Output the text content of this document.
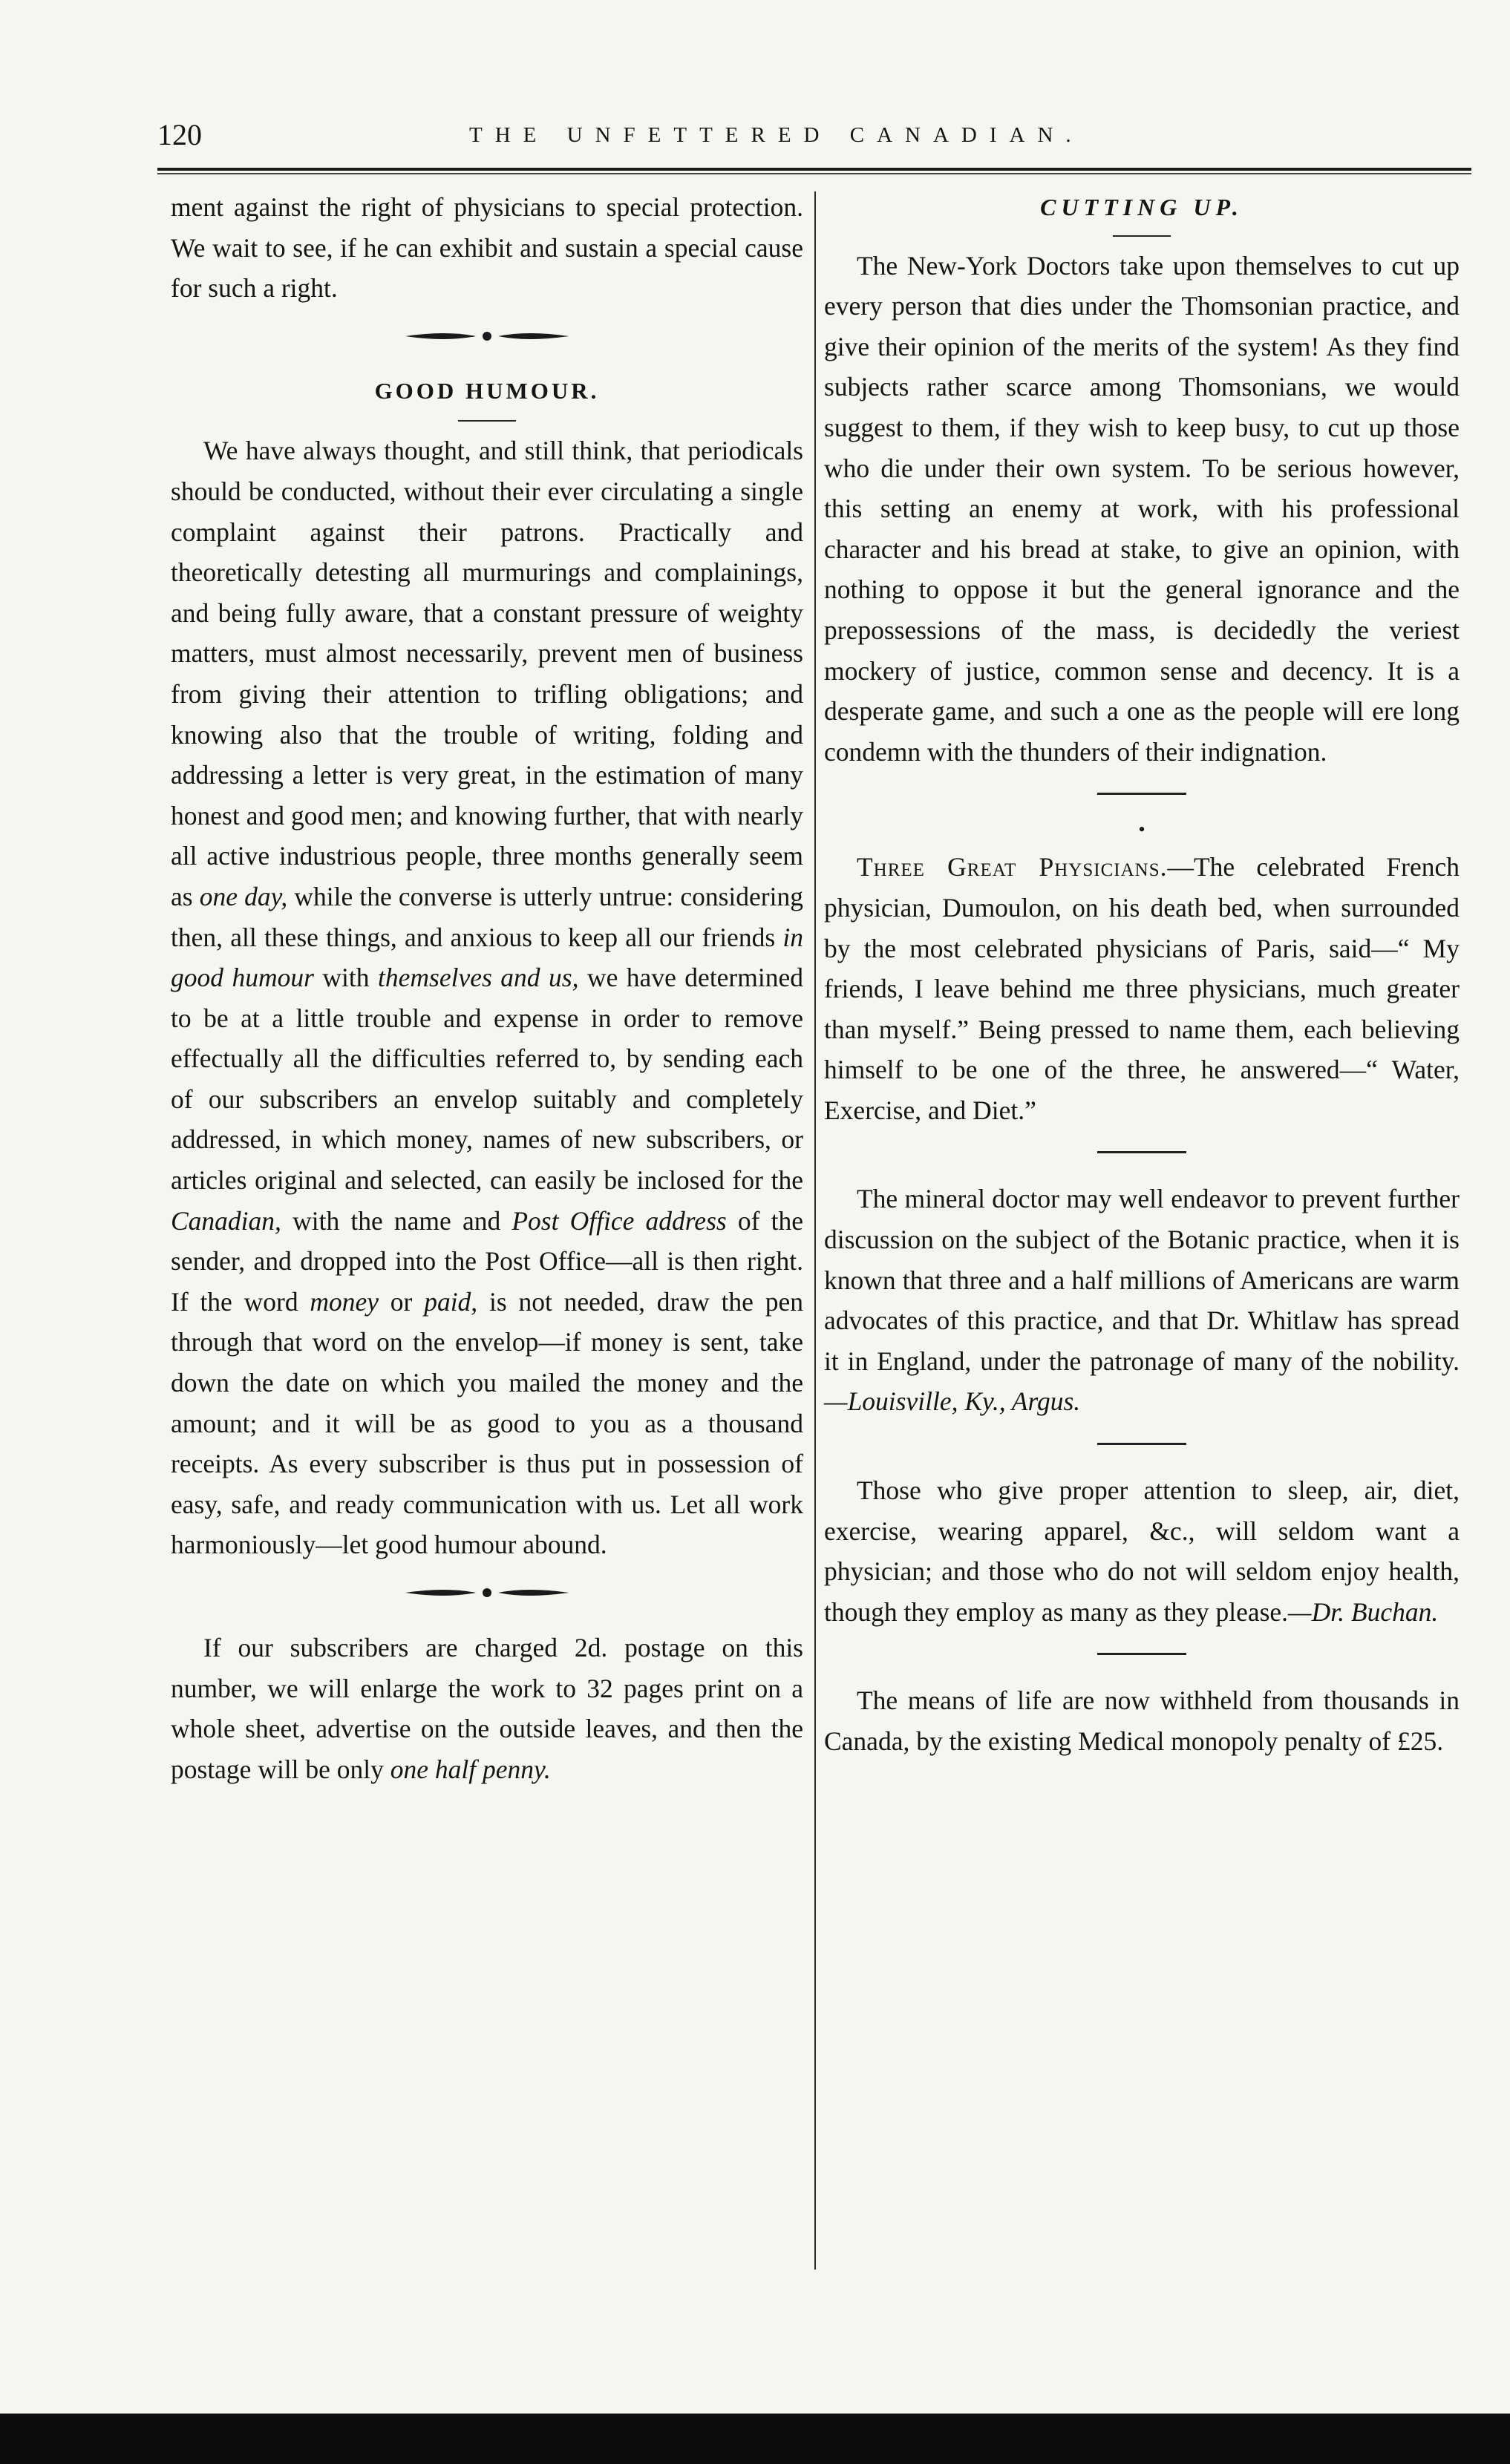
120	THE UNFETTERED CANADIAN.

ment against the right of physicians to special protection. We wait to see, if he can exhibit and sustain a special cause for such a right.

GOOD HUMOUR.

We have always thought, and still think, that periodicals should be conducted, without their ever circulating a single complaint against their patrons. Practically and theoretically detesting all murmurings and complainings, and being fully aware, that a constant pressure of weighty matters, must almost necessarily, prevent men of business from giving their attention to trifling obligations; and knowing also that the trouble of writing, folding and addressing a letter is very great, in the estimation of many honest and good men; and knowing further, that with nearly all active industrious people, three months generally seem as one day, while the converse is utterly untrue: considering then, all these things, and anxious to keep all our friends in good humour with themselves and us, we have determined to be at a little trouble and expense in order to remove effectually all the difficulties referred to, by sending each of our subscribers an envelop suitably and completely addressed, in which money, names of new subscribers, or articles original and selected, can easily be inclosed for the Canadian, with the name and Post Office address of the sender, and dropped into the Post Office—all is then right. If the word money or paid, is not needed, draw the pen through that word on the envelop—if money is sent, take down the date on which you mailed the money and the amount; and it will be as good to you as a thousand receipts. As every subscriber is thus put in possession of easy, safe, and ready communication with us. Let all work harmoniously—let good humour abound.

If our subscribers are charged 2d. postage on this number, we will enlarge the work to 32 pages print on a whole sheet, advertise on the outside leaves, and then the postage will be only one half penny.

CUTTING UP.

The New-York Doctors take upon themselves to cut up every person that dies under the Thomsonian practice, and give their opinion of the merits of the system! As they find subjects rather scarce among Thomsonians, we would suggest to them, if they wish to keep busy, to cut up those who die under their own system. To be serious however, this setting an enemy at work, with his professional character and his bread at stake, to give an opinion, with nothing to oppose it but the general ignorance and the prepossessions of the mass, is decidedly the veriest mockery of justice, common sense and decency. It is a desperate game, and such a one as the people will ere long condemn with the thunders of their indignation.

•

Three Great Physicians.—The celebrated French physician, Dumoulon, on his death bed, when surrounded by the most celebrated physicians of Paris, said—“ My friends, I leave behind me three physicians, much greater than myself.” Being pressed to name them, each believing himself to be one of the three, he answered—“ Water, Exercise, and Diet.”

The mineral doctor may well endeavor to prevent further discussion on the subject of the Botanic practice, when it is known that three and a half millions of Americans are warm advocates of this practice, and that Dr. Whitlaw has spread it in England, under the patronage of many of the nobility.—Louisville, Ky., Argus.

Those who give proper attention to sleep, air, diet, exercise, wearing apparel, &c., will seldom want a physician; and those who do not will seldom enjoy health, though they employ as many as they please.—Dr. Buchan.

The means of life are now withheld from thousands in Canada, by the existing Medical monopoly penalty of £25.
